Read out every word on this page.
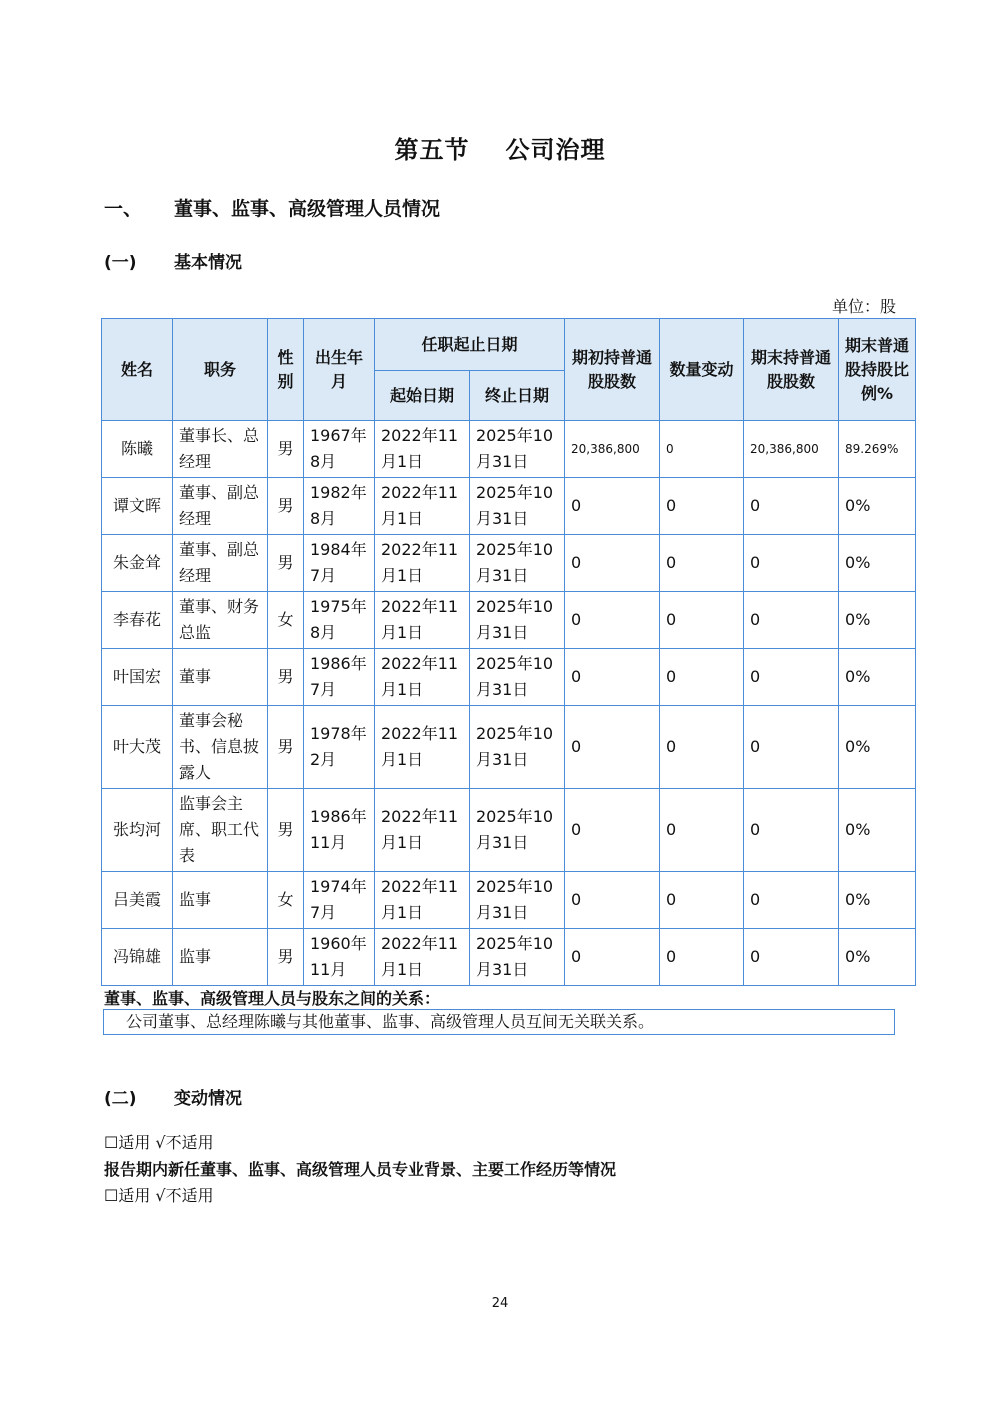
第五节 公司治理
一、 董事、监事、高级管理人员情况
(一) 基本情况
单位：股
姓名	职务	性别	出生年月	任职起止日期		期初持普通股股数	数量变动	期末持普通股股数	期末普通股持股比例%
				起始日期	终止日期				
陈曦	董事长、总经理	男	1967年8月	2022年11月1日	2025年10月31日	20,386,800	0	20,386,800	89.269%
谭文晖	董事、副总经理	男	1982年8月	2022年11月1日	2025年10月31日	0	0	0	0%
朱金耸	董事、副总经理	男	1984年7月	2022年11月1日	2025年10月31日	0	0	0	0%
李春花	董事、财务总监	女	1975年8月	2022年11月1日	2025年10月31日	0	0	0	0%
叶国宏	董事	男	1986年7月	2022年11月1日	2025年10月31日	0	0	0	0%
叶大茂	董事会秘书、信息披露人	男	1978年2月	2022年11月1日	2025年10月31日	0	0	0	0%
张均河	监事会主席、职工代表	男	1986年11月	2022年11月1日	2025年10月31日	0	0	0	0%
吕美霞	监事	女	1974年7月	2022年11月1日	2025年10月31日	0	0	0	0%
冯锦雄	监事	男	1960年11月	2022年11月1日	2025年10月31日	0	0	0	0%
董事、监事、高级管理人员与股东之间的关系：
公司董事、总经理陈曦与其他董事、监事、高级管理人员互间无关联关系。
(二) 变动情况
☐适用 √不适用
报告期内新任董事、监事、高级管理人员专业背景、主要工作经历等情况
☐适用 √不适用
24
